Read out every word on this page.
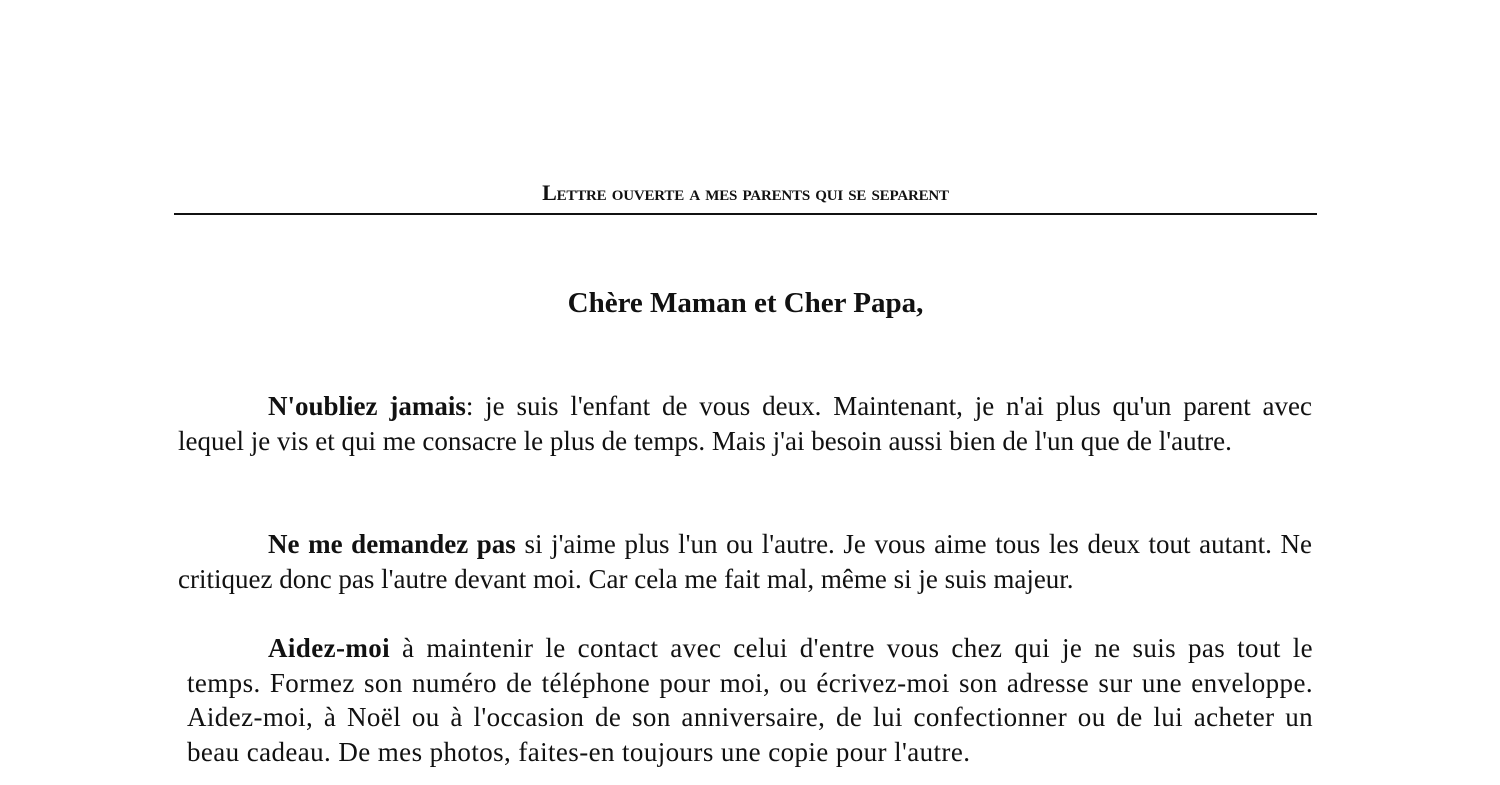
Lettre ouverte a mes parents qui se separent
Chère Maman et Cher Papa,

N'oubliez jamais: je suis l'enfant de vous deux. Maintenant, je n'ai plus qu'un parent avec lequel je vis et qui me consacre le plus de temps. Mais j'ai besoin aussi bien de l'un que de l'autre.

Ne me demandez pas si j'aime plus l'un ou l'autre. Je vous aime tous les deux tout autant. Ne critiquez donc pas l'autre devant moi. Car cela me fait mal, même si je suis majeur.

Aidez-moi à maintenir le contact avec celui d'entre vous chez qui je ne suis pas tout le temps. Formez son numéro de téléphone pour moi, ou écrivez-moi son adresse sur une enveloppe. Aidez-moi, à Noël ou à l'occasion de son anniversaire, de lui confectionner ou de lui acheter un beau cadeau. De mes photos, faites-en toujours une copie pour l'autre.
